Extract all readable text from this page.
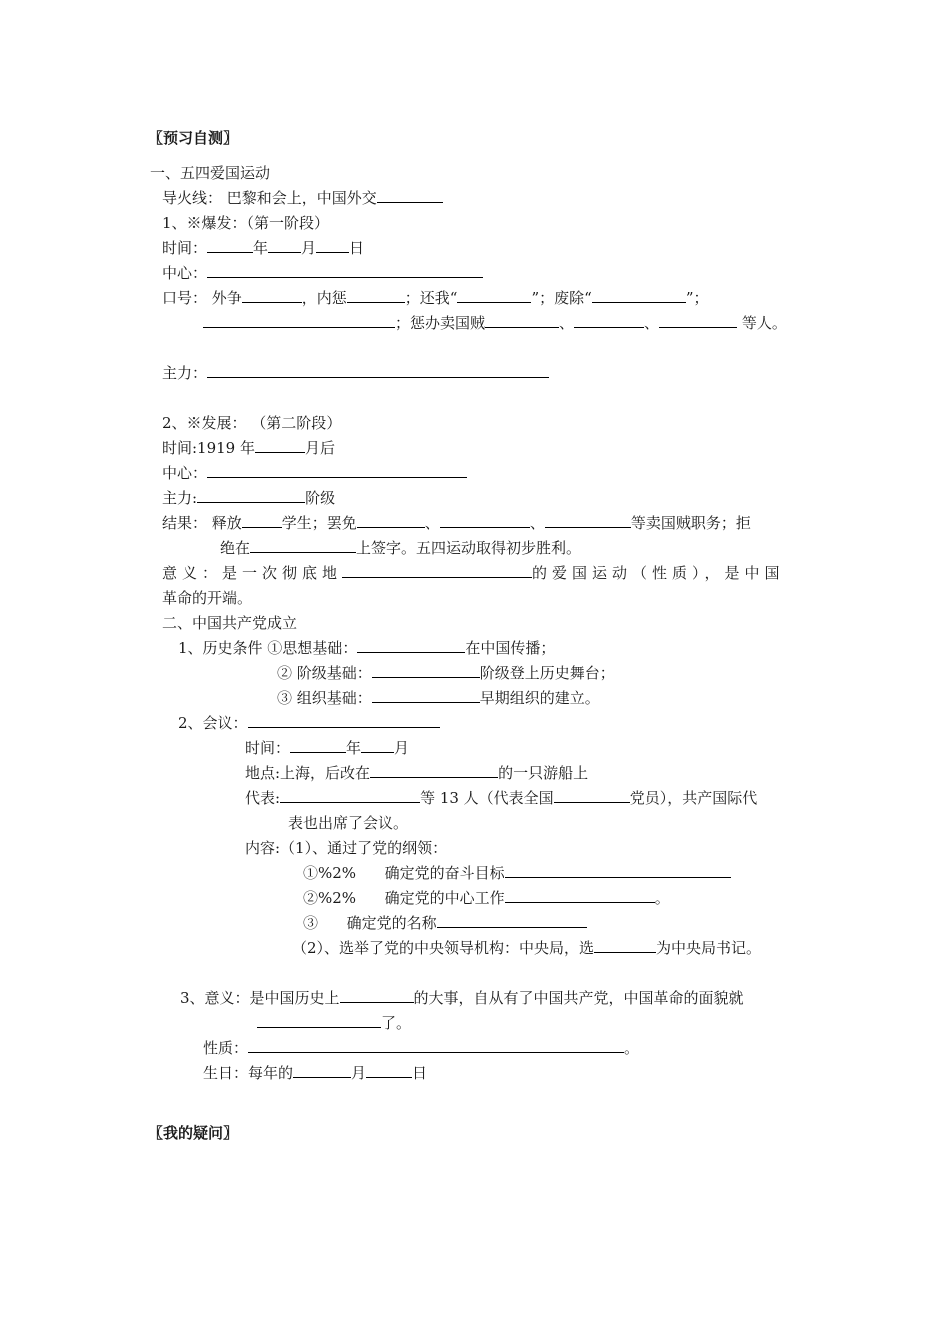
〖预习自测〗
一、五四爱国运动
导火线： 巴黎和会上，中国外交
1、※爆发：（第一阶段）
时间：	年 月 日
中心：
口号： 外争	，内惩	；还我“	”；废除“	”；
；惩办卖国贼	、	、	等人。
主力：
2、※发展： （第二阶段）
时间:1919 年	月后
中心：
主力:	阶级
结果： 释放	学生；罢免	、	、	等卖国贼职务；拒
绝在	上签字。五四运动取得初步胜利。
意义：是一次彻底地	的爱国运动（性质），是中国
革命的开端。
二、中国共产党成立
1、历史条件 ①思想基础：	在中国传播；
② 阶级基础：	阶级登上历史舞台；
③ 组织基础：	早期组织的建立。
2、会议：
时间：	年 月
地点:上海，后改在	的一只游船上
代表:	等 13 人（代表全国	党员），共产国际代
表也出席了会议。
内容:（1）、通过了党的纲领：
①%2% 确定党的奋斗目标
②%2% 确定党的中心工作	。
③ 确定党的名称
（2）、选举了党的中央领导机构：中央局，选	为中央局书记。
3、意义：是中国历史上	的大事，自从有了中国共产党，中国革命的面貌就
了。
性质：	。
生日：每年的	月	日
〖我的疑问〗
